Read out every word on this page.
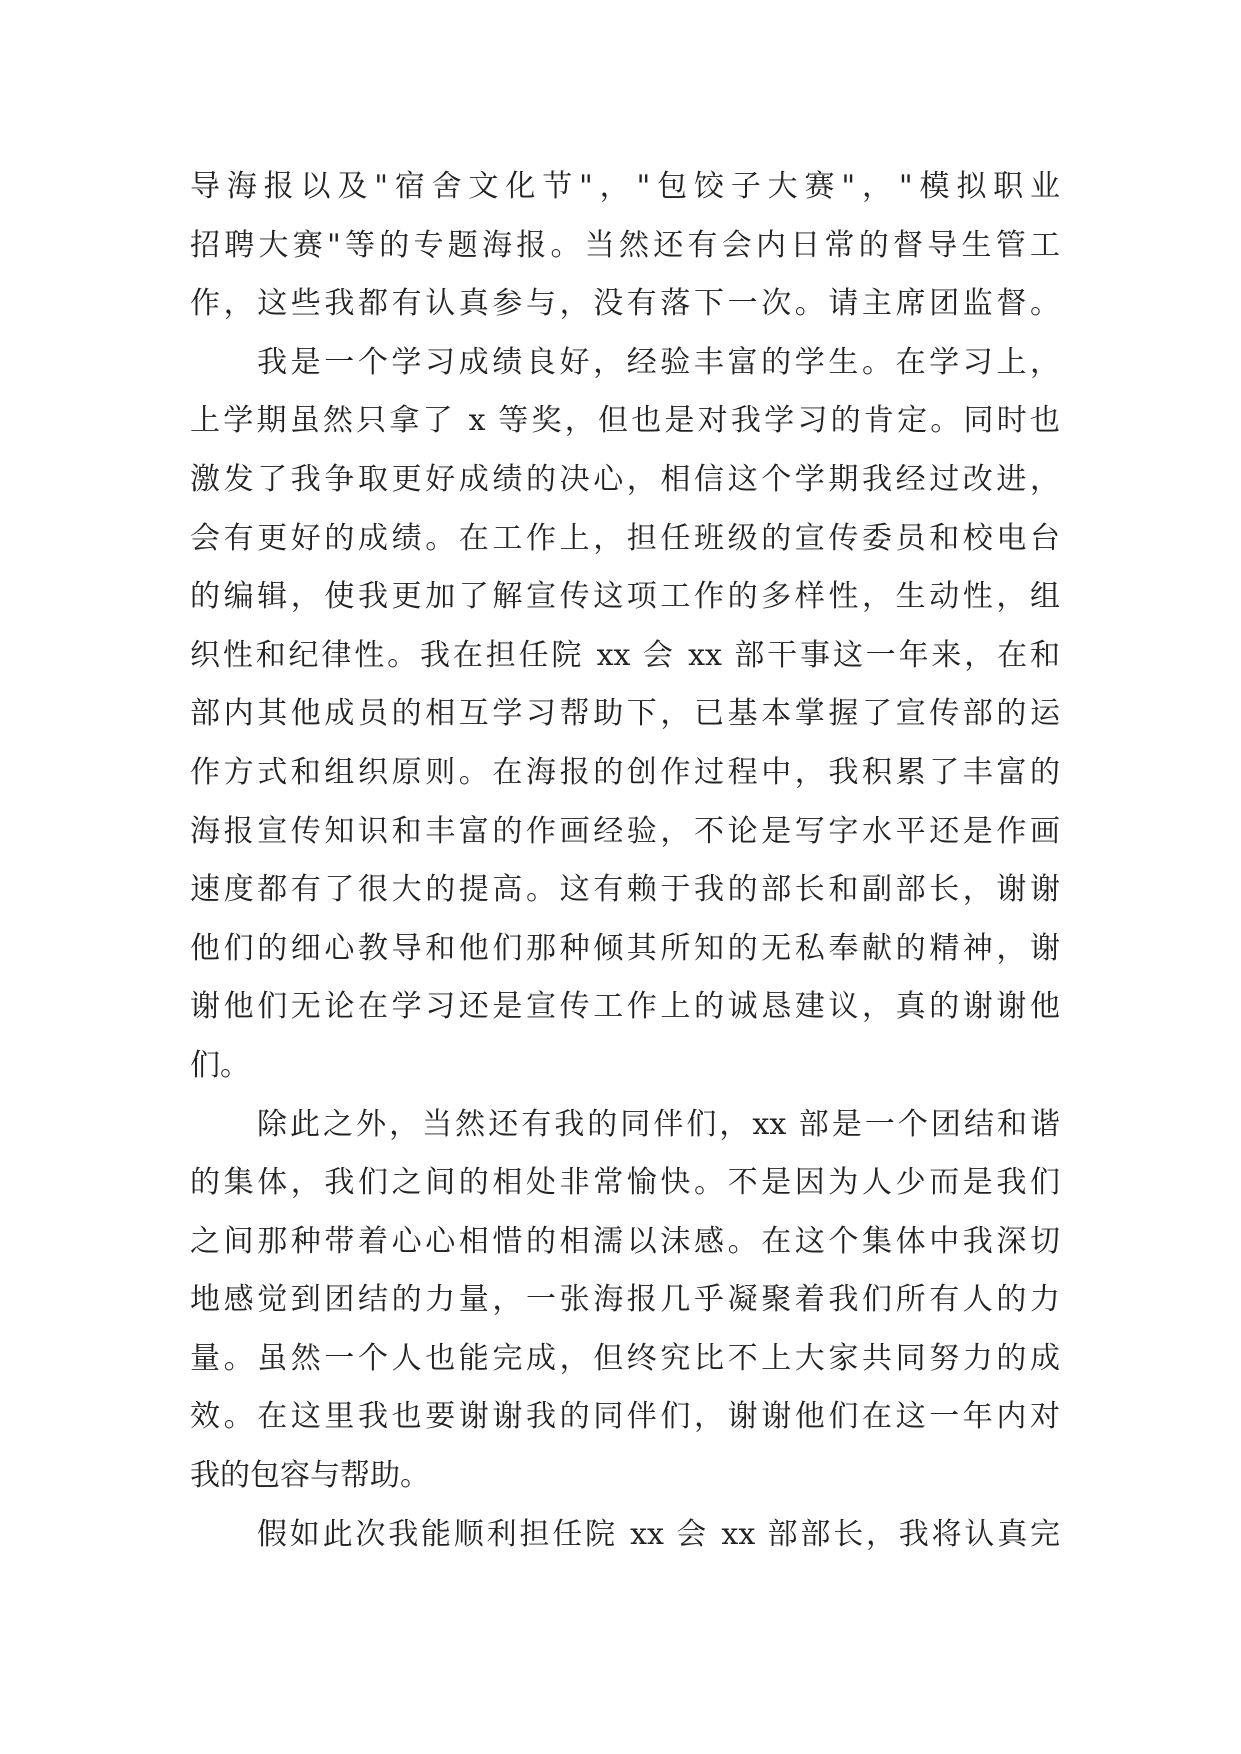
导海报以及"宿舍文化节"，"包饺子大赛"，"模拟职业
招聘大赛"等的专题海报。当然还有会内日常的督导生管工
作，这些我都有认真参与，没有落下一次。请主席团监督。
我是一个学习成绩良好，经验丰富的学生。在学习上，
上学期虽然只拿了 x 等奖，但也是对我学习的肯定。同时也
激发了我争取更好成绩的决心，相信这个学期我经过改进，
会有更好的成绩。在工作上，担任班级的宣传委员和校电台
的编辑，使我更加了解宣传这项工作的多样性，生动性，组
织性和纪律性。我在担任院 xx 会 xx 部干事这一年来，在和
部内其他成员的相互学习帮助下，已基本掌握了宣传部的运
作方式和组织原则。在海报的创作过程中，我积累了丰富的
海报宣传知识和丰富的作画经验，不论是写字水平还是作画
速度都有了很大的提高。这有赖于我的部长和副部长，谢谢
他们的细心教导和他们那种倾其所知的无私奉献的精神，谢
谢他们无论在学习还是宣传工作上的诚恳建议，真的谢谢他
们。
除此之外，当然还有我的同伴们，xx 部是一个团结和谐
的集体，我们之间的相处非常愉快。不是因为人少而是我们
之间那种带着心心相惜的相濡以沫感。在这个集体中我深切
地感觉到团结的力量，一张海报几乎凝聚着我们所有人的力
量。虽然一个人也能完成，但终究比不上大家共同努力的成
效。在这里我也要谢谢我的同伴们，谢谢他们在这一年内对
我的包容与帮助。
假如此次我能顺利担任院 xx 会 xx 部部长，我将认真完
